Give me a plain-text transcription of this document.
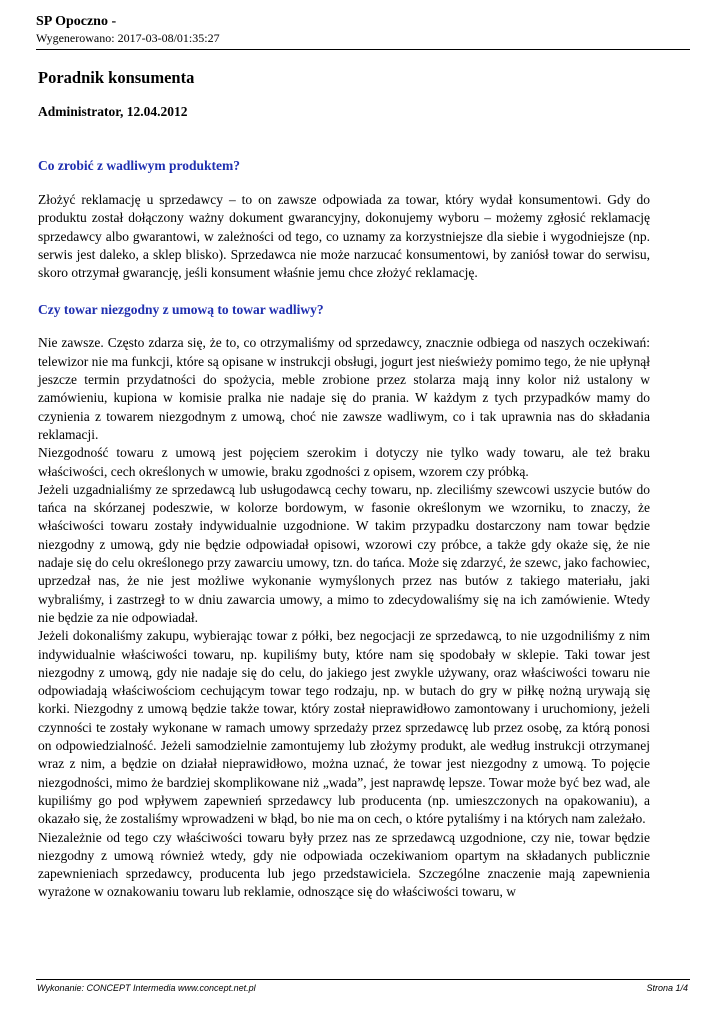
SP Opoczno -
Wygenerowano: 2017-03-08/01:35:27
Poradnik konsumenta
Administrator, 12.04.2012
Co zrobić z wadliwym produktem?

Złożyć reklamację u sprzedawcy – to on zawsze odpowiada za towar, który wydał konsumentowi. Gdy do produktu został dołączony ważny dokument gwarancyjny, dokonujemy wyboru – możemy zgłosić reklamację sprzedawcy albo gwarantowi, w zależności od tego, co uznamy za korzystniejsze dla siebie i wygodniejsze (np. serwis jest daleko, a sklep blisko). Sprzedawca nie może narzucać konsumentowi, by zaniósł towar do serwisu, skoro otrzymał gwarancję, jeśli konsument właśnie jemu chce złożyć reklamację.

Czy towar niezgodny z umową to towar wadliwy?

Nie zawsze. Często zdarza się, że to, co otrzymaliśmy od sprzedawcy, znacznie odbiega od naszych oczekiwań: telewizor nie ma funkcji, które są opisane w instrukcji obsługi, jogurt jest nieświeży pomimo tego, że nie upłynął jeszcze termin przydatności do spożycia, meble zrobione przez stolarza mają inny kolor niż ustalony w zamówieniu, kupiona w komisie pralka nie nadaje się do prania. W każdym z tych przypadków mamy do czynienia z towarem niezgodnym z umową, choć nie zawsze wadliwym, co i tak uprawnia nas do składania reklamacji.

Niezgodność towaru z umową jest pojęciem szerokim i dotyczy nie tylko wady towaru, ale też braku właściwości, cech określonych w umowie, braku zgodności z opisem, wzorem czy próbką.

Jeżeli uzgadnialiśmy ze sprzedawcą lub usługodawcą cechy towaru, np. zleciliśmy szewcowi uszycie butów do tańca na skórzanej podeszwie, w kolorze bordowym, w fasonie określonym we wzorniku, to znaczy, że właściwości towaru zostały indywidualnie uzgodnione. W takim przypadku dostarczony nam towar będzie niezgodny z umową, gdy nie będzie odpowiadał opisowi, wzorowi czy próbce, a także gdy okaże się, że nie nadaje się do celu określonego przy zawarciu umowy, tzn. do tańca. Może się zdarzyć, że szewc, jako fachowiec, uprzedzał nas, że nie jest możliwe wykonanie wymyślonych przez nas butów z takiego materiału, jaki wybraliśmy, i zastrzegł to w dniu zawarcia umowy, a mimo to zdecydowaliśmy się na ich zamówienie. Wtedy nie będzie za nie odpowiadał.

Jeżeli dokonaliśmy zakupu, wybierając towar z półki, bez negocjacji ze sprzedawcą, to nie uzgodniliśmy z nim indywidualnie właściwości towaru, np. kupiliśmy buty, które nam się spodobały w sklepie. Taki towar jest niezgodny z umową, gdy nie nadaje się do celu, do jakiego jest zwykle używany, oraz właściwości towaru nie odpowiadają właściwościom cechującym towar tego rodzaju, np. w butach do gry w piłkę nożną urywają się korki. Niezgodny z umową będzie także towar, który został nieprawidłowo zamontowany i uruchomiony, jeżeli czynności te zostały wykonane w ramach umowy sprzedaży przez sprzedawcę lub przez osobę, za którą ponosi on odpowiedzialność. Jeżeli samodzielnie zamontujemy lub złożymy produkt, ale według instrukcji otrzymanej wraz z nim, a będzie on działał nieprawidłowo, można uznać, że towar jest niezgodny z umową. To pojęcie niezgodności, mimo że bardziej skomplikowane niż „wada”, jest naprawdę lepsze. Towar może być bez wad, ale kupiliśmy go pod wpływem zapewnień sprzedawcy lub producenta (np. umieszczonych na opakowaniu), a okazało się, że zostaliśmy wprowadzeni w błąd, bo nie ma on cech, o które pytaliśmy i na których nam zależało.

Niezależnie od tego czy właściwości towaru były przez nas ze sprzedawcą uzgodnione, czy nie, towar będzie niezgodny z umową również wtedy, gdy nie odpowiada oczekiwaniom opartym na składanych publicznie zapewnieniach sprzedawcy, producenta lub jego przedstawiciela. Szczególne znaczenie mają zapewnienia wyrażone w oznakowaniu towaru lub reklamie, odnoszące się do właściwości towaru, w

Wykonanie: CONCEPT Intermedia www.concept.net.pl	Strona 1/4
